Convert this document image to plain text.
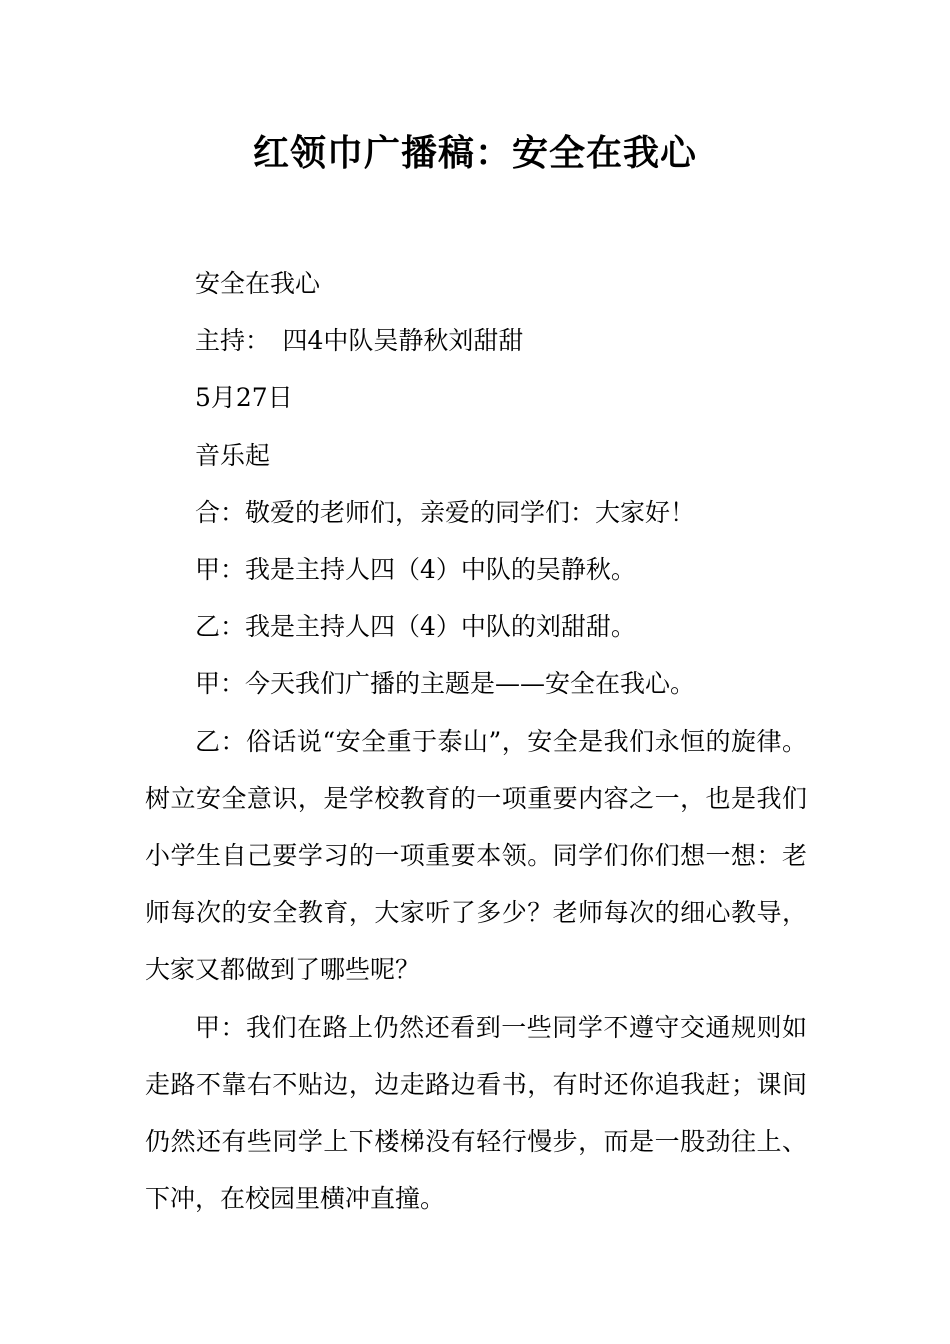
红领巾广播稿：安全在我心

安全在我心

主持：　四4中队吴静秋刘甜甜

5月27日

音乐起

合：敬爱的老师们，亲爱的同学们：大家好！

甲：我是主持人四（4）中队的吴静秋。

乙：我是主持人四（4）中队的刘甜甜。

甲：今天我们广播的主题是——安全在我心。

乙：俗话说“安全重于泰山”，安全是我们永恒的旋律。树立安全意识，是学校教育的一项重要内容之一，也是我们小学生自己要学习的一项重要本领。同学们你们想一想：老师每次的安全教育，大家听了多少？老师每次的细心教导，大家又都做到了哪些呢？

甲：我们在路上仍然还看到一些同学不遵守交通规则如走路不靠右不贴边，边走路边看书，有时还你追我赶；课间仍然还有些同学上下楼梯没有轻行慢步，而是一股劲往上、下冲，在校园里横冲直撞。
